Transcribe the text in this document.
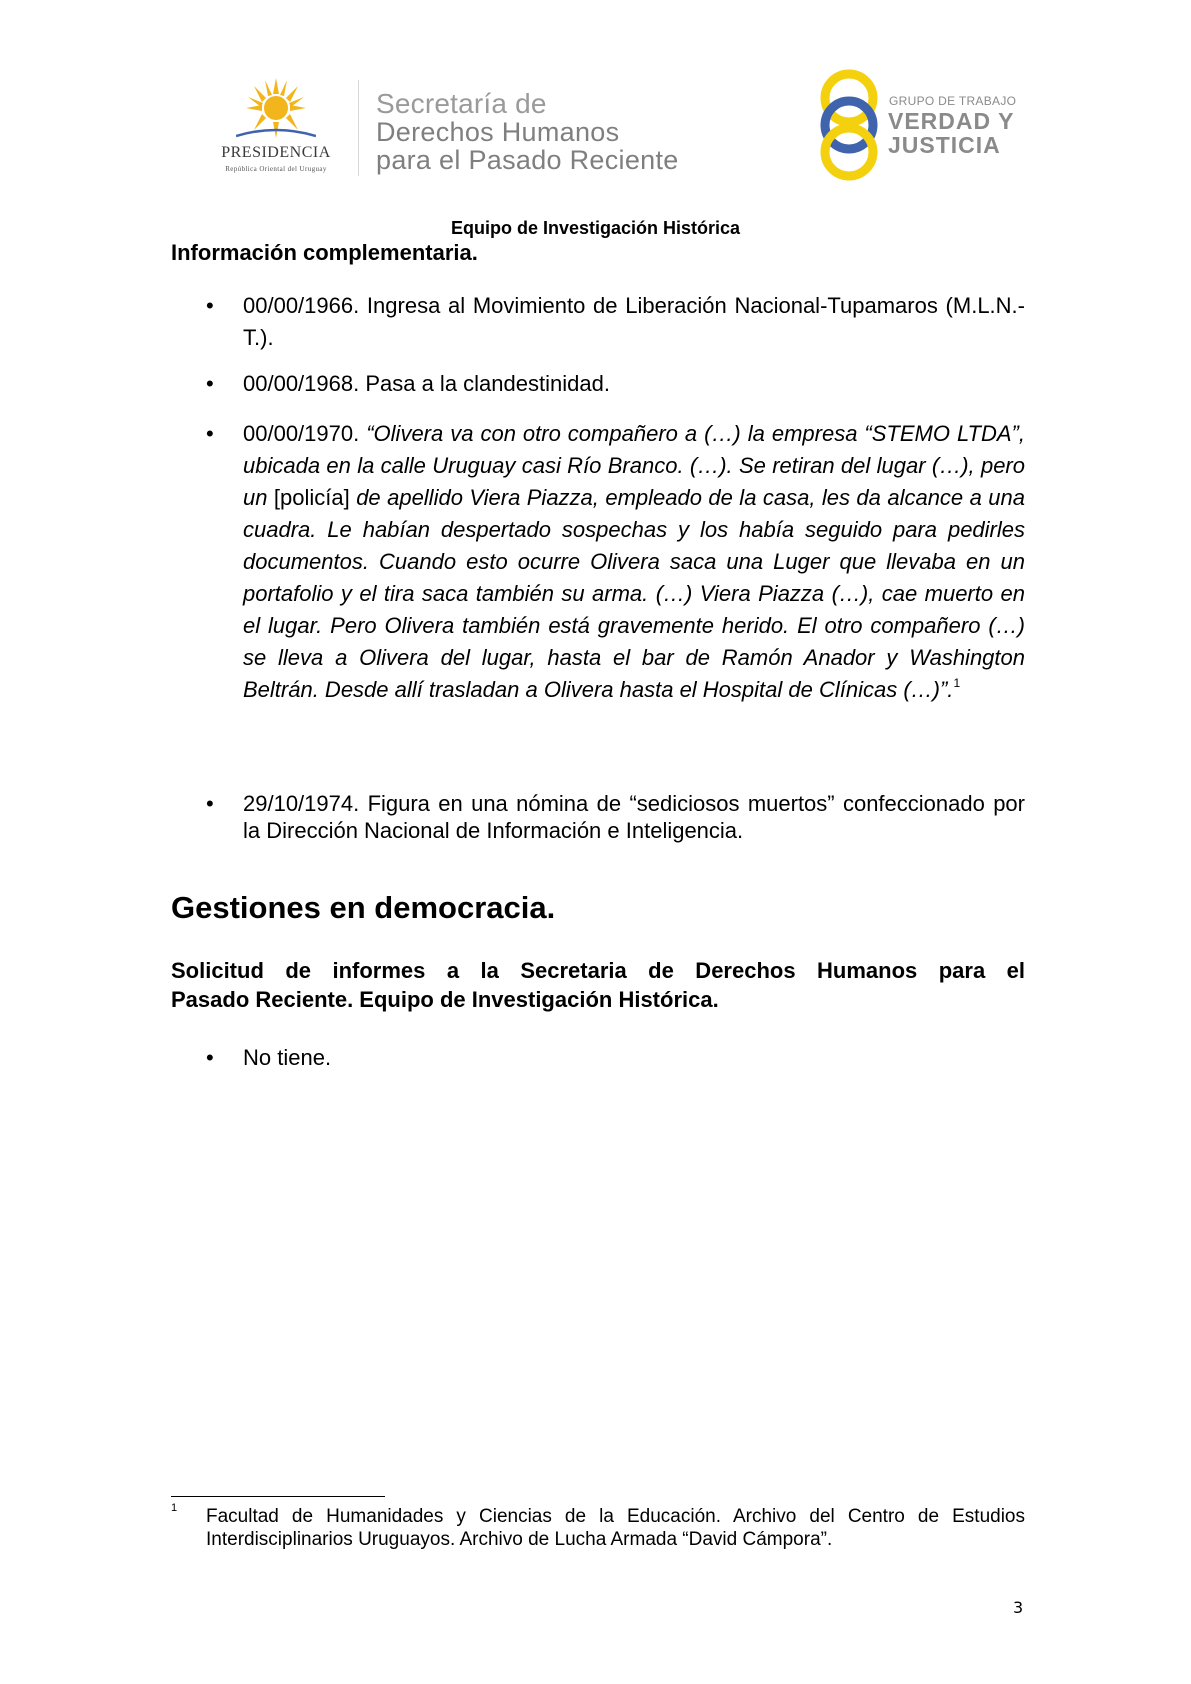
PRESIDENCIA
República Oriental del Uruguay
Secretaría de
Derechos Humanos
para el Pasado Reciente
GRUPO DE TRABAJO
VERDAD Y
JUSTICIA
Equipo de Investigación Histórica
Información complementaria.
• 00/00/1966. Ingresa al Movimiento de Liberación Nacional-Tupamaros (M.L.N.-T.).
• 00/00/1968. Pasa a la clandestinidad.
• 00/00/1970. “Olivera va con otro compañero a (…) la empresa “STEMO LTDA”, ubicada en la calle Uruguay casi Río Branco. (…). Se retiran del lugar (…), pero un [policía] de apellido Viera Piazza, empleado de la casa, les da alcance a una cuadra. Le habían despertado sospechas y los había seguido para pedirles documentos. Cuando esto ocurre Olivera saca una Luger que llevaba en un portafolio y el tira saca también su arma. (…) Viera Piazza (…), cae muerto en el lugar. Pero Olivera también está gravemente herido. El otro compañero (…) se lleva a Olivera del lugar, hasta el bar de Ramón Anador y Washington Beltrán. Desde allí trasladan a Olivera hasta el Hospital de Clínicas (…)”.$^1$
• 29/10/1974. Figura en una nómina de “sediciosos muertos” confeccionado por la Dirección Nacional de Información e Inteligencia.
Gestiones en democracia.
Solicitud de informes a la Secretaria de Derechos Humanos para el
Pasado Reciente. Equipo de Investigación Histórica.
• No tiene.
1 Facultad de Humanidades y Ciencias de la Educación. Archivo del Centro de Estudios Interdisciplinarios Uruguayos. Archivo de Lucha Armada “David Cámpora”.
3
